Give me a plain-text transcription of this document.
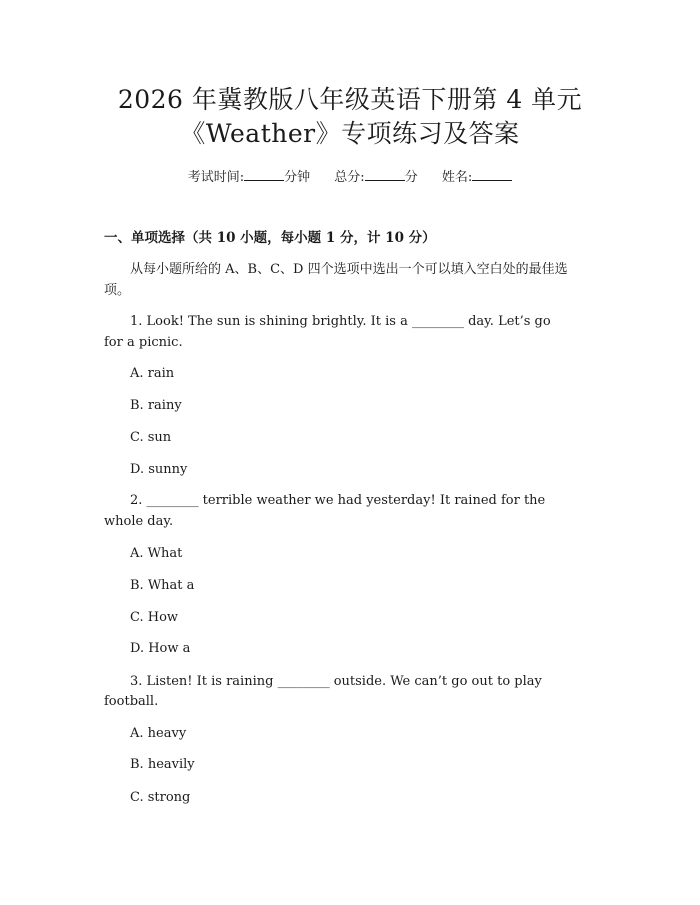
2026 年冀教版八年级英语下册第 4 单元
《Weather》专项练习及答案
考试时间:	分钟 总分:	分 姓名:
一、单项选择（共 10 小题，每小题 1 分，计 10 分）
从每小题所给的 A、B、C、D 四个选项中选出一个可以填入空白处的最佳选
项。
1. Look! The sun is shining brightly. It is a ________ day. Let’s go
for a picnic.
A. rain
B. rainy
C. sun
D. sunny
2. ________ terrible weather we had yesterday! It rained for the
whole day.
A. What
B. What a
C. How
D. How a
3. Listen! It is raining ________ outside. We can’t go out to play
football.
A. heavy
B. heavily
C. strong
